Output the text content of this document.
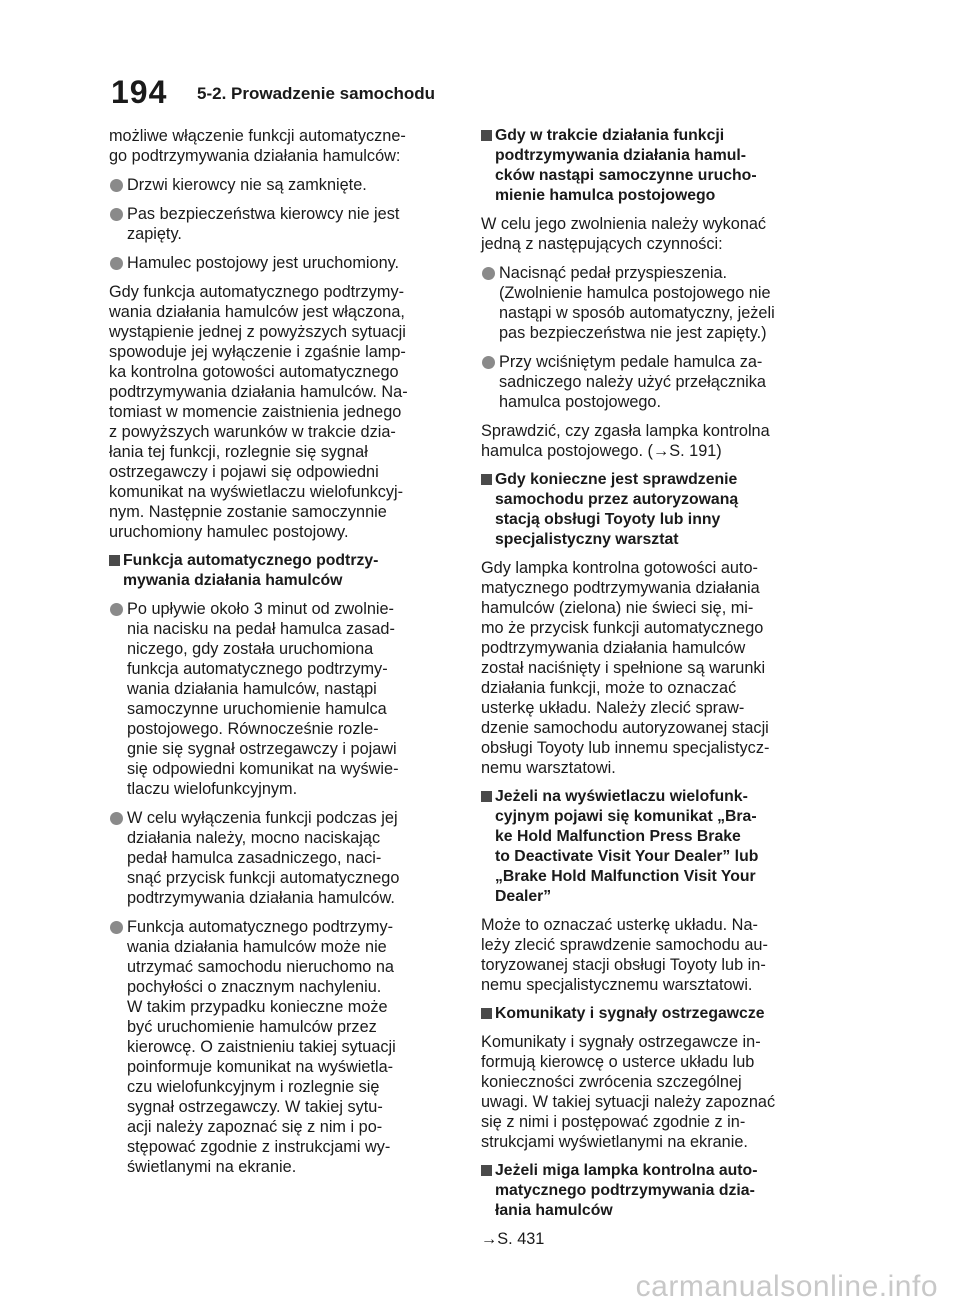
194 5-2. Prowadzenie samochodu

możliwe włączenie funkcji automatyczne-
go podtrzymywania działania hamulców:

Drzwi kierowcy nie są zamknięte.
Pas bezpieczeństwa kierowcy nie jest
zapięty.
Hamulec postojowy jest uruchomiony.

Gdy funkcja automatycznego podtrzymy-
wania działania hamulców jest włączona,
wystąpienie jednej z powyższych sytuacji
spowoduje jej wyłączenie i zgaśnie lamp-
ka kontrolna gotowości automatycznego
podtrzymywania działania hamulców. Na-
tomiast w momencie zaistnienia jednego
z powyższych warunków w trakcie dzia-
łania tej funkcji, rozlegnie się sygnał
ostrzegawczy i pojawi się odpowiedni
komunikat na wyświetlaczu wielofunkcyj-
nym. Następnie zostanie samoczynnie
uruchomiony hamulec postojowy.

Funkcja automatycznego podtrzy-
mywania działania hamulców
Po upływie około 3 minut od zwolnie-
nia nacisku na pedał hamulca zasad-
niczego, gdy została uruchomiona
funkcja automatycznego podtrzymy-
wania działania hamulców, nastąpi
samoczynne uruchomienie hamulca
postojowego. Równocześnie rozle-
gnie się sygnał ostrzegawczy i pojawi
się odpowiedni komunikat na wyświe-
tlaczu wielofunkcyjnym.
W celu wyłączenia funkcji podczas jej
działania należy, mocno naciskając
pedał hamulca zasadniczego, naci-
snąć przycisk funkcji automatycznego
podtrzymywania działania hamulców.
Funkcja automatycznego podtrzymy-
wania działania hamulców może nie
utrzymać samochodu nieruchomo na
pochyłości o znacznym nachyleniu.
W takim przypadku konieczne może
być uruchomienie hamulców przez
kierowcę. O zaistnieniu takiej sytuacji
poinformuje komunikat na wyświetla-
czu wielofunkcyjnym i rozlegnie się
sygnał ostrzegawczy. W takiej sytu-
acji należy zapoznać się z nim i po-
stępować zgodnie z instrukcjami wy-
świetlanymi na ekranie.
Gdy w trakcie działania funkcji
podtrzymywania działania hamul-
cków nastąpi samoczynne urucho-
mienie hamulca postojowego

W celu jego zwolnienia należy wykonać
jedną z następujących czynności:

Nacisnąć pedał przyspieszenia.
(Zwolnienie hamulca postojowego nie
nastąpi w sposób automatyczny, jeżeli
pas bezpieczeństwa nie jest zapięty.)
Przy wciśniętym pedale hamulca za-
sadniczego należy użyć przełącznika
hamulca postojowego.

Sprawdzić, czy zgasła lampka kontrolna
hamulca postojowego. (→S. 191)

Gdy konieczne jest sprawdzenie
samochodu przez autoryzowaną
stacją obsługi Toyoty lub inny
specjalistyczny warsztat

Gdy lampka kontrolna gotowości auto-
matycznego podtrzymywania działania
hamulców (zielona) nie świeci się, mi-
mo że przycisk funkcji automatycznego
podtrzymywania działania hamulców
został naciśnięty i spełnione są warunki
działania funkcji, może to oznaczać
usterkę układu. Należy zlecić spraw-
dzenie samochodu autoryzowanej stacji
obsługi Toyoty lub innemu specjalistycz-
nemu warsztatowi.

Jeżeli na wyświetlaczu wielofunk-
cyjnym pojawi się komunikat „Bra-
ke Hold Malfunction Press Brake
to Deactivate Visit Your Dealer” lub
„Brake Hold Malfunction Visit Your
Dealer”

Może to oznaczać usterkę układu. Na-
leży zlecić sprawdzenie samochodu au-
toryzowanej stacji obsługi Toyoty lub in-
nemu specjalistycznemu warsztatowi.

Komunikaty i sygnały ostrzegawcze

Komunikaty i sygnały ostrzegawcze in-
formują kierowcę o usterce układu lub
konieczności zwrócenia szczególnej
uwagi. W takiej sytuacji należy zapoznać
się z nimi i postępować zgodnie z in-
strukcjami wyświetlanymi na ekranie.

Jeżeli miga lampka kontrolna auto-
matycznego podtrzymywania dzia-
łania hamulców

→S. 431

carmanualsonline.info
